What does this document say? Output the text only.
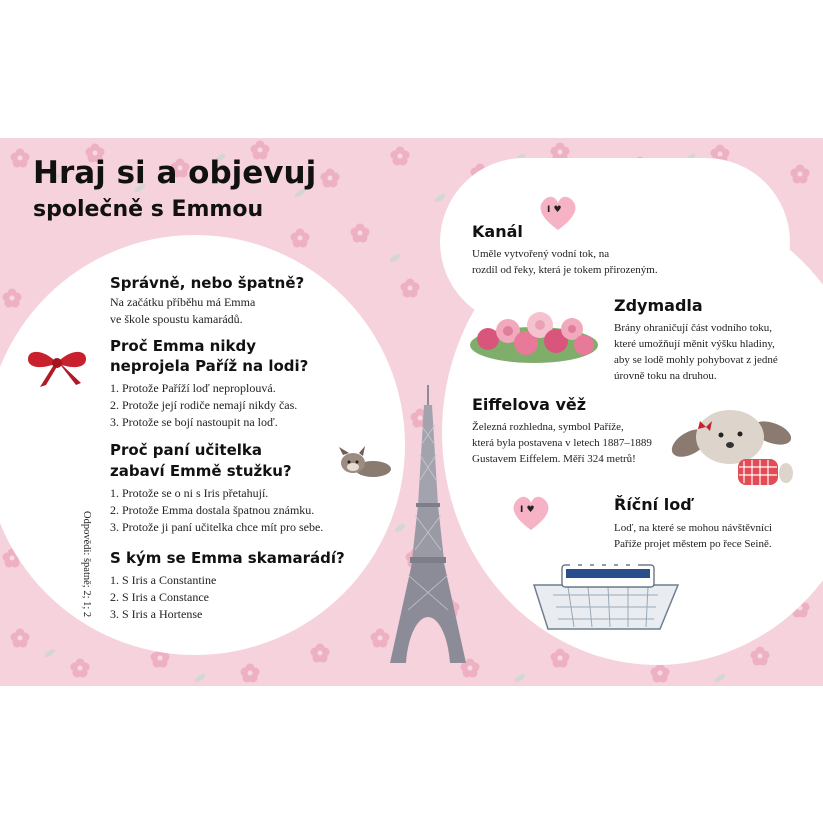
Hraj si a objevuj
společně s Emmou
Správně, nebo špatně?
Na začátku příběhu má Emma
ve škole spoustu kamarádů.
Proč Emma nikdy
neprojela Paříž na lodi?
1. Protože Paříží loď neproplouvá.
2. Protože její rodiče nemají nikdy čas.
3. Protože se bojí nastoupit na loď.
Proč paní učitelka
zabaví Emmě stužku?
1. Protože se o ni s Iris přetahují.
2. Protože Emma dostala špatnou známku.
3. Protože ji paní učitelka chce mít pro sebe.
S kým se Emma skamarádí?
1. S Iris a Constantine
2. S Iris a Constance
3. S Iris a Hortense
Odpovědi: špatně; 2; 1; 2
I ♥
I ♥
Kanál
Uměle vytvořený vodní tok, na
rozdíl od řeky, která je tokem přirozeným.
Zdymadla
Brány ohraničují část vodního toku,
které umožňují měnit výšku hladiny,
aby se lodě mohly pohybovat z jedné
úrovně toku na druhou.
Eiffelova věž
Železná rozhledna, symbol Paříže,
která byla postavena v letech 1887–1889
Gustavem Eiffelem. Měří 324 metrů!
Říční loď
Loď, na které se mohou návštěvníci
Paříže projet městem po řece Seině.
